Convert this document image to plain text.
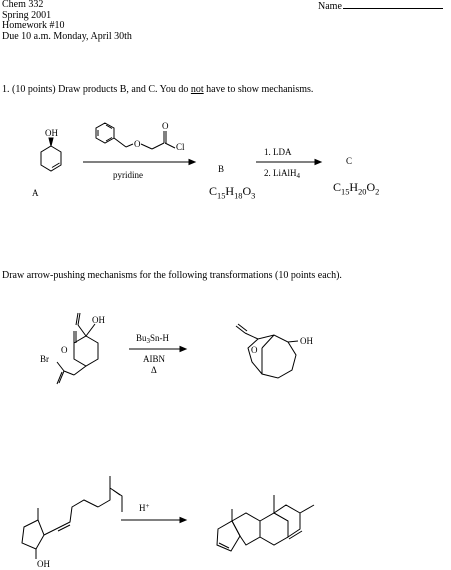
Chem 332
Spring 2001
Homework #10
Due 10 a.m. Monday, April 30th
Name
1. (10 points) Draw products B, and C. You do not have to show mechanisms.
OH
A
O
O
Cl
pyridine
B
1. LDA
2. LiAlH$_4$
C
$C_{15}H_{18}O_3$
$C_{15}H_{20}O_2$
Draw arrow-pushing mechanisms for the following transformations (10 points each).
O
OH
Br
$Bu_3Sn-H$
AIBN
Δ
O
OH
OH
H+
